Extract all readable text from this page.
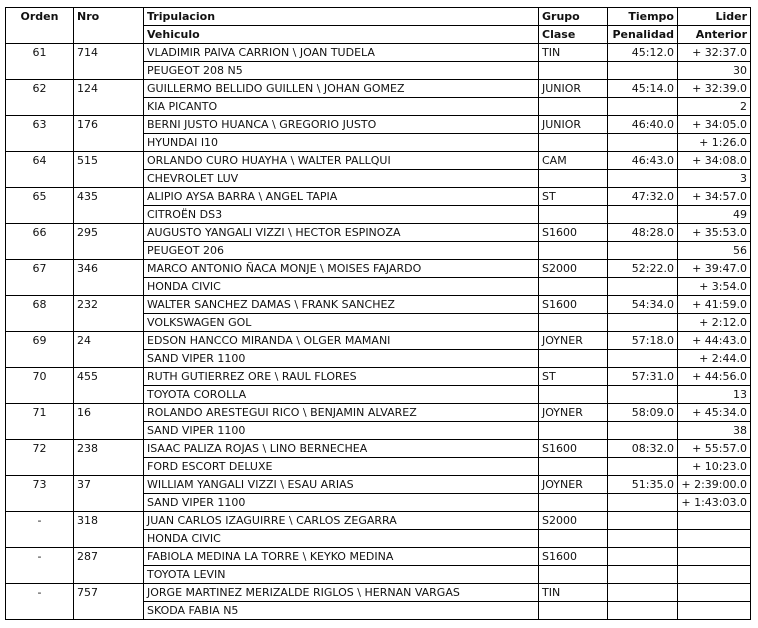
Orden	Nro	Tripulacion	Grupo	Tiempo	Lider
		Vehiculo	Clase	Penalidad	Anterior
61	714	VLADIMIR PAIVA CARRION \ JOAN TUDELA	TIN	45:12.0	+ 32:37.0
		PEUGEOT 208 N5			30
62	124	GUILLERMO BELLIDO GUILLEN \ JOHAN GOMEZ	JUNIOR	45:14.0	+ 32:39.0
		KIA PICANTO			2
63	176	BERNI JUSTO HUANCA \ GREGORIO JUSTO	JUNIOR	46:40.0	+ 34:05.0
		HYUNDAI I10			+ 1:26.0
64	515	ORLANDO CURO HUAYHA \ WALTER PALLQUI	CAM	46:43.0	+ 34:08.0
		CHEVROLET LUV			3
65	435	ALIPIO AYSA BARRA \ ANGEL TAPIA	ST	47:32.0	+ 34:57.0
		CITROËN DS3			49
66	295	AUGUSTO YANGALI VIZZI \ HECTOR ESPINOZA	S1600	48:28.0	+ 35:53.0
		PEUGEOT 206			56
67	346	MARCO ANTONIO ÑACA MONJE \ MOISES FAJARDO	S2000	52:22.0	+ 39:47.0
		HONDA CIVIC			+ 3:54.0
68	232	WALTER SANCHEZ DAMAS \ FRANK SANCHEZ	S1600	54:34.0	+ 41:59.0
		VOLKSWAGEN GOL			+ 2:12.0
69	24	EDSON HANCCO MIRANDA \ OLGER MAMANI	JOYNER	57:18.0	+ 44:43.0
		SAND VIPER 1100			+ 2:44.0
70	455	RUTH GUTIERREZ ORE \ RAUL FLORES	ST	57:31.0	+ 44:56.0
		TOYOTA COROLLA			13
71	16	ROLANDO ARESTEGUI RICO \ BENJAMIN ALVAREZ	JOYNER	58:09.0	+ 45:34.0
		SAND VIPER 1100			38
72	238	ISAAC PALIZA ROJAS \ LINO BERNECHEA	S1600	08:32.0	+ 55:57.0
		FORD ESCORT DELUXE			+ 10:23.0
73	37	WILLIAM YANGALI VIZZI \ ESAU ARIAS	JOYNER	51:35.0	+ 2:39:00.0
		SAND VIPER 1100			+ 1:43:03.0
-	318	JUAN CARLOS IZAGUIRRE \ CARLOS ZEGARRA	S2000		
		HONDA CIVIC			
-	287	FABIOLA MEDINA LA TORRE \ KEYKO MEDINA	S1600		
		TOYOTA LEVIN			
-	757	JORGE MARTINEZ MERIZALDE RIGLOS \ HERNAN VARGAS	TIN		
		SKODA FABIA N5			
